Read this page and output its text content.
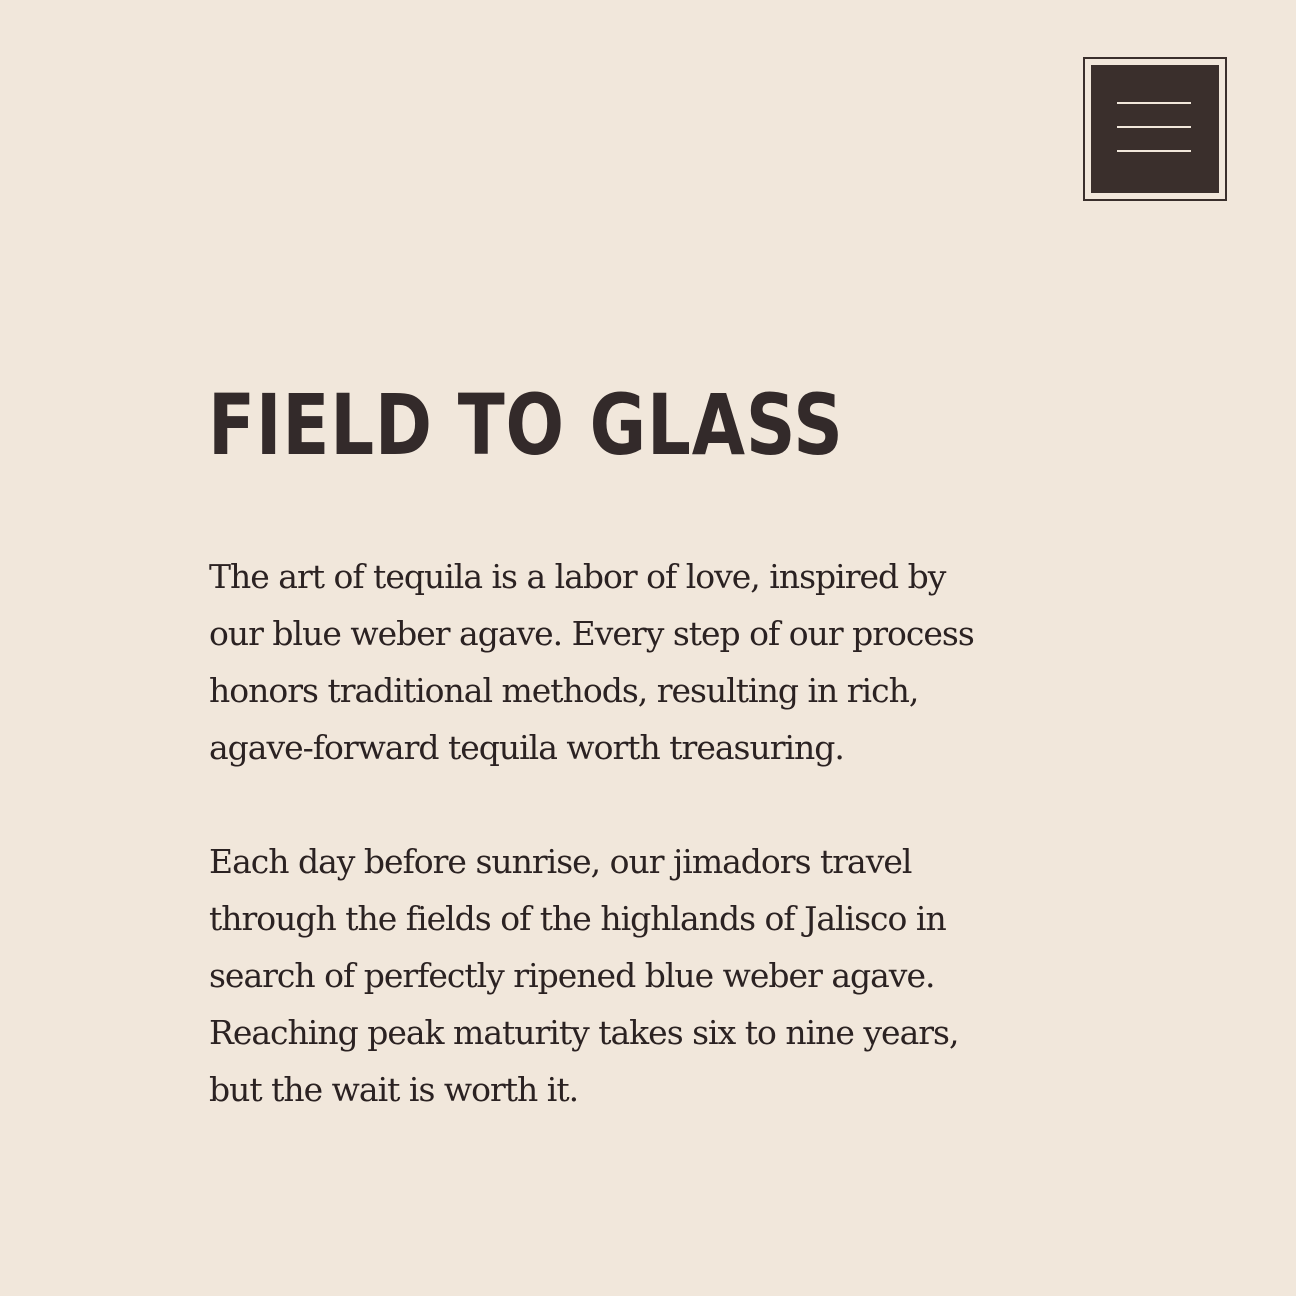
FIELD TO GLASS

The art of tequila is a labor of love, inspired by
our blue weber agave. Every step of our process
honors traditional methods, resulting in rich,
agave-forward tequila worth treasuring.

Each day before sunrise, our jimadors travel
through the fields of the highlands of Jalisco in
search of perfectly ripened blue weber agave.
Reaching peak maturity takes six to nine years,
but the wait is worth it.
